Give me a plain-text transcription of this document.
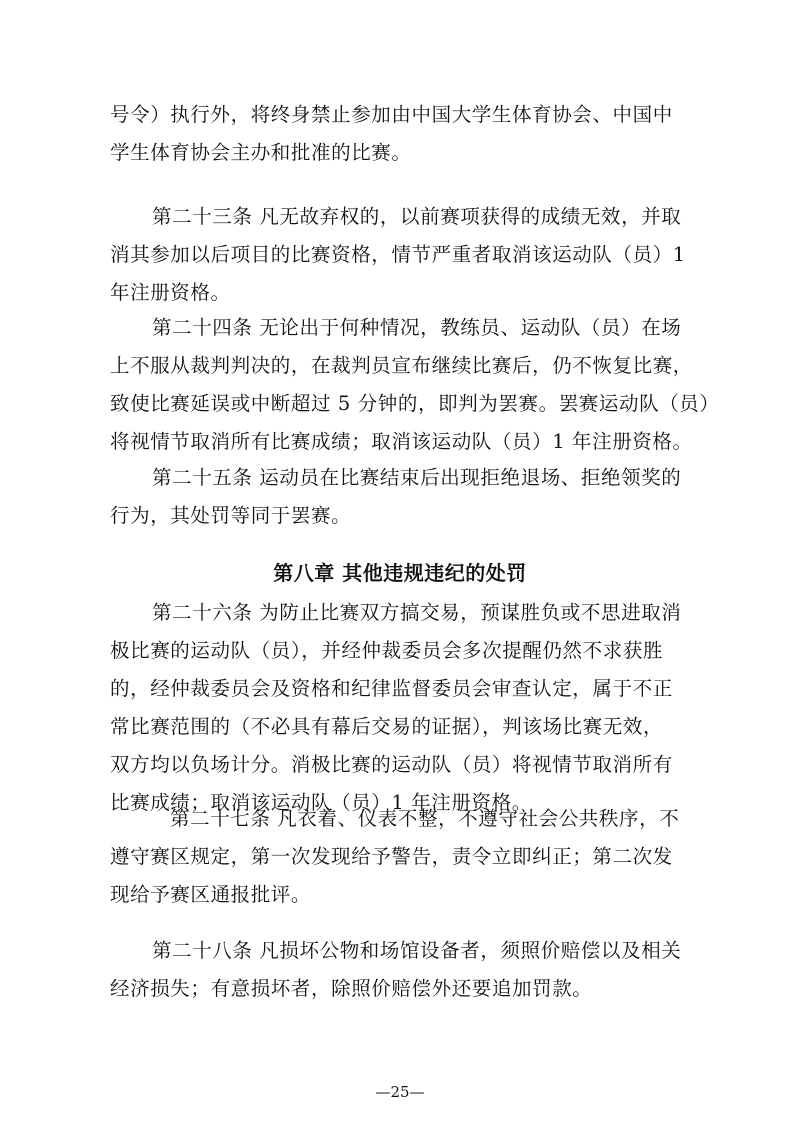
号令）执行外，将终身禁止参加由中国大学生体育协会、中国中
学生体育协会主办和批准的比赛。
第二十三条 凡无故弃权的，以前赛项获得的成绩无效，并取
消其参加以后项目的比赛资格，情节严重者取消该运动队（员）1
年注册资格。
第二十四条 无论出于何种情况，教练员、运动队（员）在场
上不服从裁判判决的，在裁判员宣布继续比赛后，仍不恢复比赛，
致使比赛延误或中断超过 5 分钟的，即判为罢赛。罢赛运动队（员）
将视情节取消所有比赛成绩；取消该运动队（员）1 年注册资格。
第二十五条 运动员在比赛结束后出现拒绝退场、拒绝领奖的
行为，其处罚等同于罢赛。
第八章 其他违规违纪的处罚
第二十六条 为防止比赛双方搞交易，预谋胜负或不思进取消
极比赛的运动队（员），并经仲裁委员会多次提醒仍然不求获胜
的，经仲裁委员会及资格和纪律监督委员会审查认定，属于不正
常比赛范围的（不必具有幕后交易的证据），判该场比赛无效，
双方均以负场计分。消极比赛的运动队（员）将视情节取消所有
比赛成绩；取消该运动队（员）1 年注册资格。
第二十七条 凡衣着、仪表不整，不遵守社会公共秩序，不
遵守赛区规定，第一次发现给予警告，责令立即纠正；第二次发
现给予赛区通报批评。
第二十八条 凡损坏公物和场馆设备者，须照价赔偿以及相关
经济损失；有意损坏者，除照价赔偿外还要追加罚款。
—25—
